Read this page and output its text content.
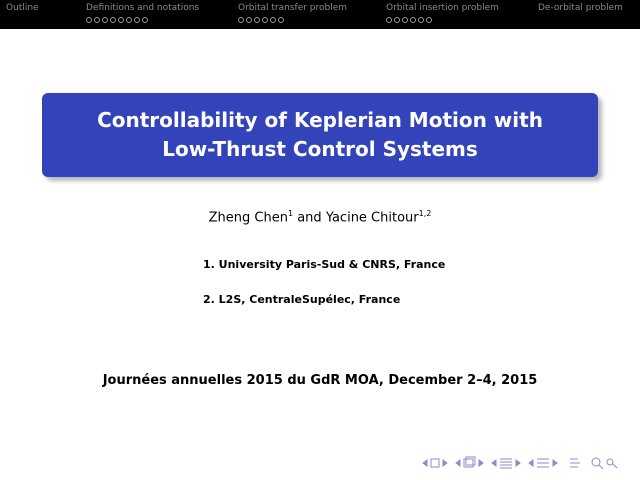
Outline	Definitions and notations	Orbital transfer problem	Orbital insertion problem	De-orbital problem
Controllability of Keplerian Motion with
Low-Thrust Control Systems
Zheng Chen$^1$ and Yacine Chitour$^{1,2}$
1. University Paris-Sud & CNRS, France
2. L2S, CentraleSupélec, France
Journées annuelles 2015 du GdR MOA, December 2–4, 2015
